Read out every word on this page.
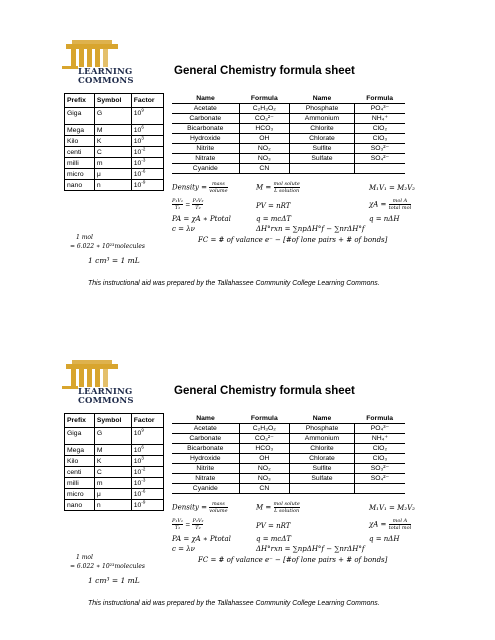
LEARNING
COMMONS
General Chemistry formula sheet
Prefix	Symbol	Factor
Giga	G	$10^9$

Mega	M	$10^6$
Kilo	K	$10^3$
centi	C	$10^{-2}$
milli	m	$10^{-3}$
micro	μ	$10^{-6}$
nano	n	$10^{-9}$
Name	Formula	Name	Formula
Acetate	C₂H₃O₂	Phosphate	PO₄³⁻
Carbonate	CO₃²⁻	Ammonium	NH₄⁺
Bicarbonate	HCO₃	Chlorite	ClO₂
Hydroxide	OH	Chlorate	ClO₃
Nitrite	NO₂	Sulfite	SO₃²⁻
Nitrate	NO₃	Sulfate	SO₄²⁻
Cyanide	CN		
Density = $\frac{\text{mass}}{\text{volume}}$	$M = \frac{\text{mol solute}}{\text{L solution}}$	M₁V₁ = M₂V₂
$\frac{\text{P₁V₁}}{\text{T₁}} = \frac{\text{P₂V₂}}{\text{T₂}}$	PV = nRT	$\chi A = \frac{\text{mol A}}{\text{total mol}}$
PA = χA ∗ Ptotal	q = mcΔT	q = nΔH
c = λν	ΔH°rxn = ∑npΔH°f − ∑nrΔH°f
FC = # of valance e⁻ − [#of lone pairs + # of bonds]
1 mol
= 6.022 ∗ 10²³molecules
1 cm³ = 1 mL
This instructional aid was prepared by the Tallahassee Community College Learning Commons.
LEARNING
COMMONS
General Chemistry formula sheet
Prefix	Symbol	Factor
Giga	G	$10^9$

Mega	M	$10^6$
Kilo	K	$10^3$
centi	C	$10^{-2}$
milli	m	$10^{-3}$
micro	μ	$10^{-6}$
nano	n	$10^{-9}$
Name	Formula	Name	Formula
Acetate	C₂H₃O₂	Phosphate	PO₄³⁻
Carbonate	CO₃²⁻	Ammonium	NH₄⁺
Bicarbonate	HCO₃	Chlorite	ClO₂
Hydroxide	OH	Chlorate	ClO₃
Nitrite	NO₂	Sulfite	SO₃²⁻
Nitrate	NO₃	Sulfate	SO₄²⁻
Cyanide	CN		
Density = $\frac{\text{mass}}{\text{volume}}$	$M = \frac{\text{mol solute}}{\text{L solution}}$	M₁V₁ = M₂V₂
$\frac{\text{P₁V₁}}{\text{T₁}} = \frac{\text{P₂V₂}}{\text{T₂}}$	PV = nRT	$\chi A = \frac{\text{mol A}}{\text{total mol}}$
PA = χA ∗ Ptotal	q = mcΔT	q = nΔH
c = λν	ΔH°rxn = ∑npΔH°f − ∑nrΔH°f
FC = # of valance e⁻ − [#of lone pairs + # of bonds]
1 mol
= 6.022 ∗ 10²³molecules
1 cm³ = 1 mL
This instructional aid was prepared by the Tallahassee Community College Learning Commons.
